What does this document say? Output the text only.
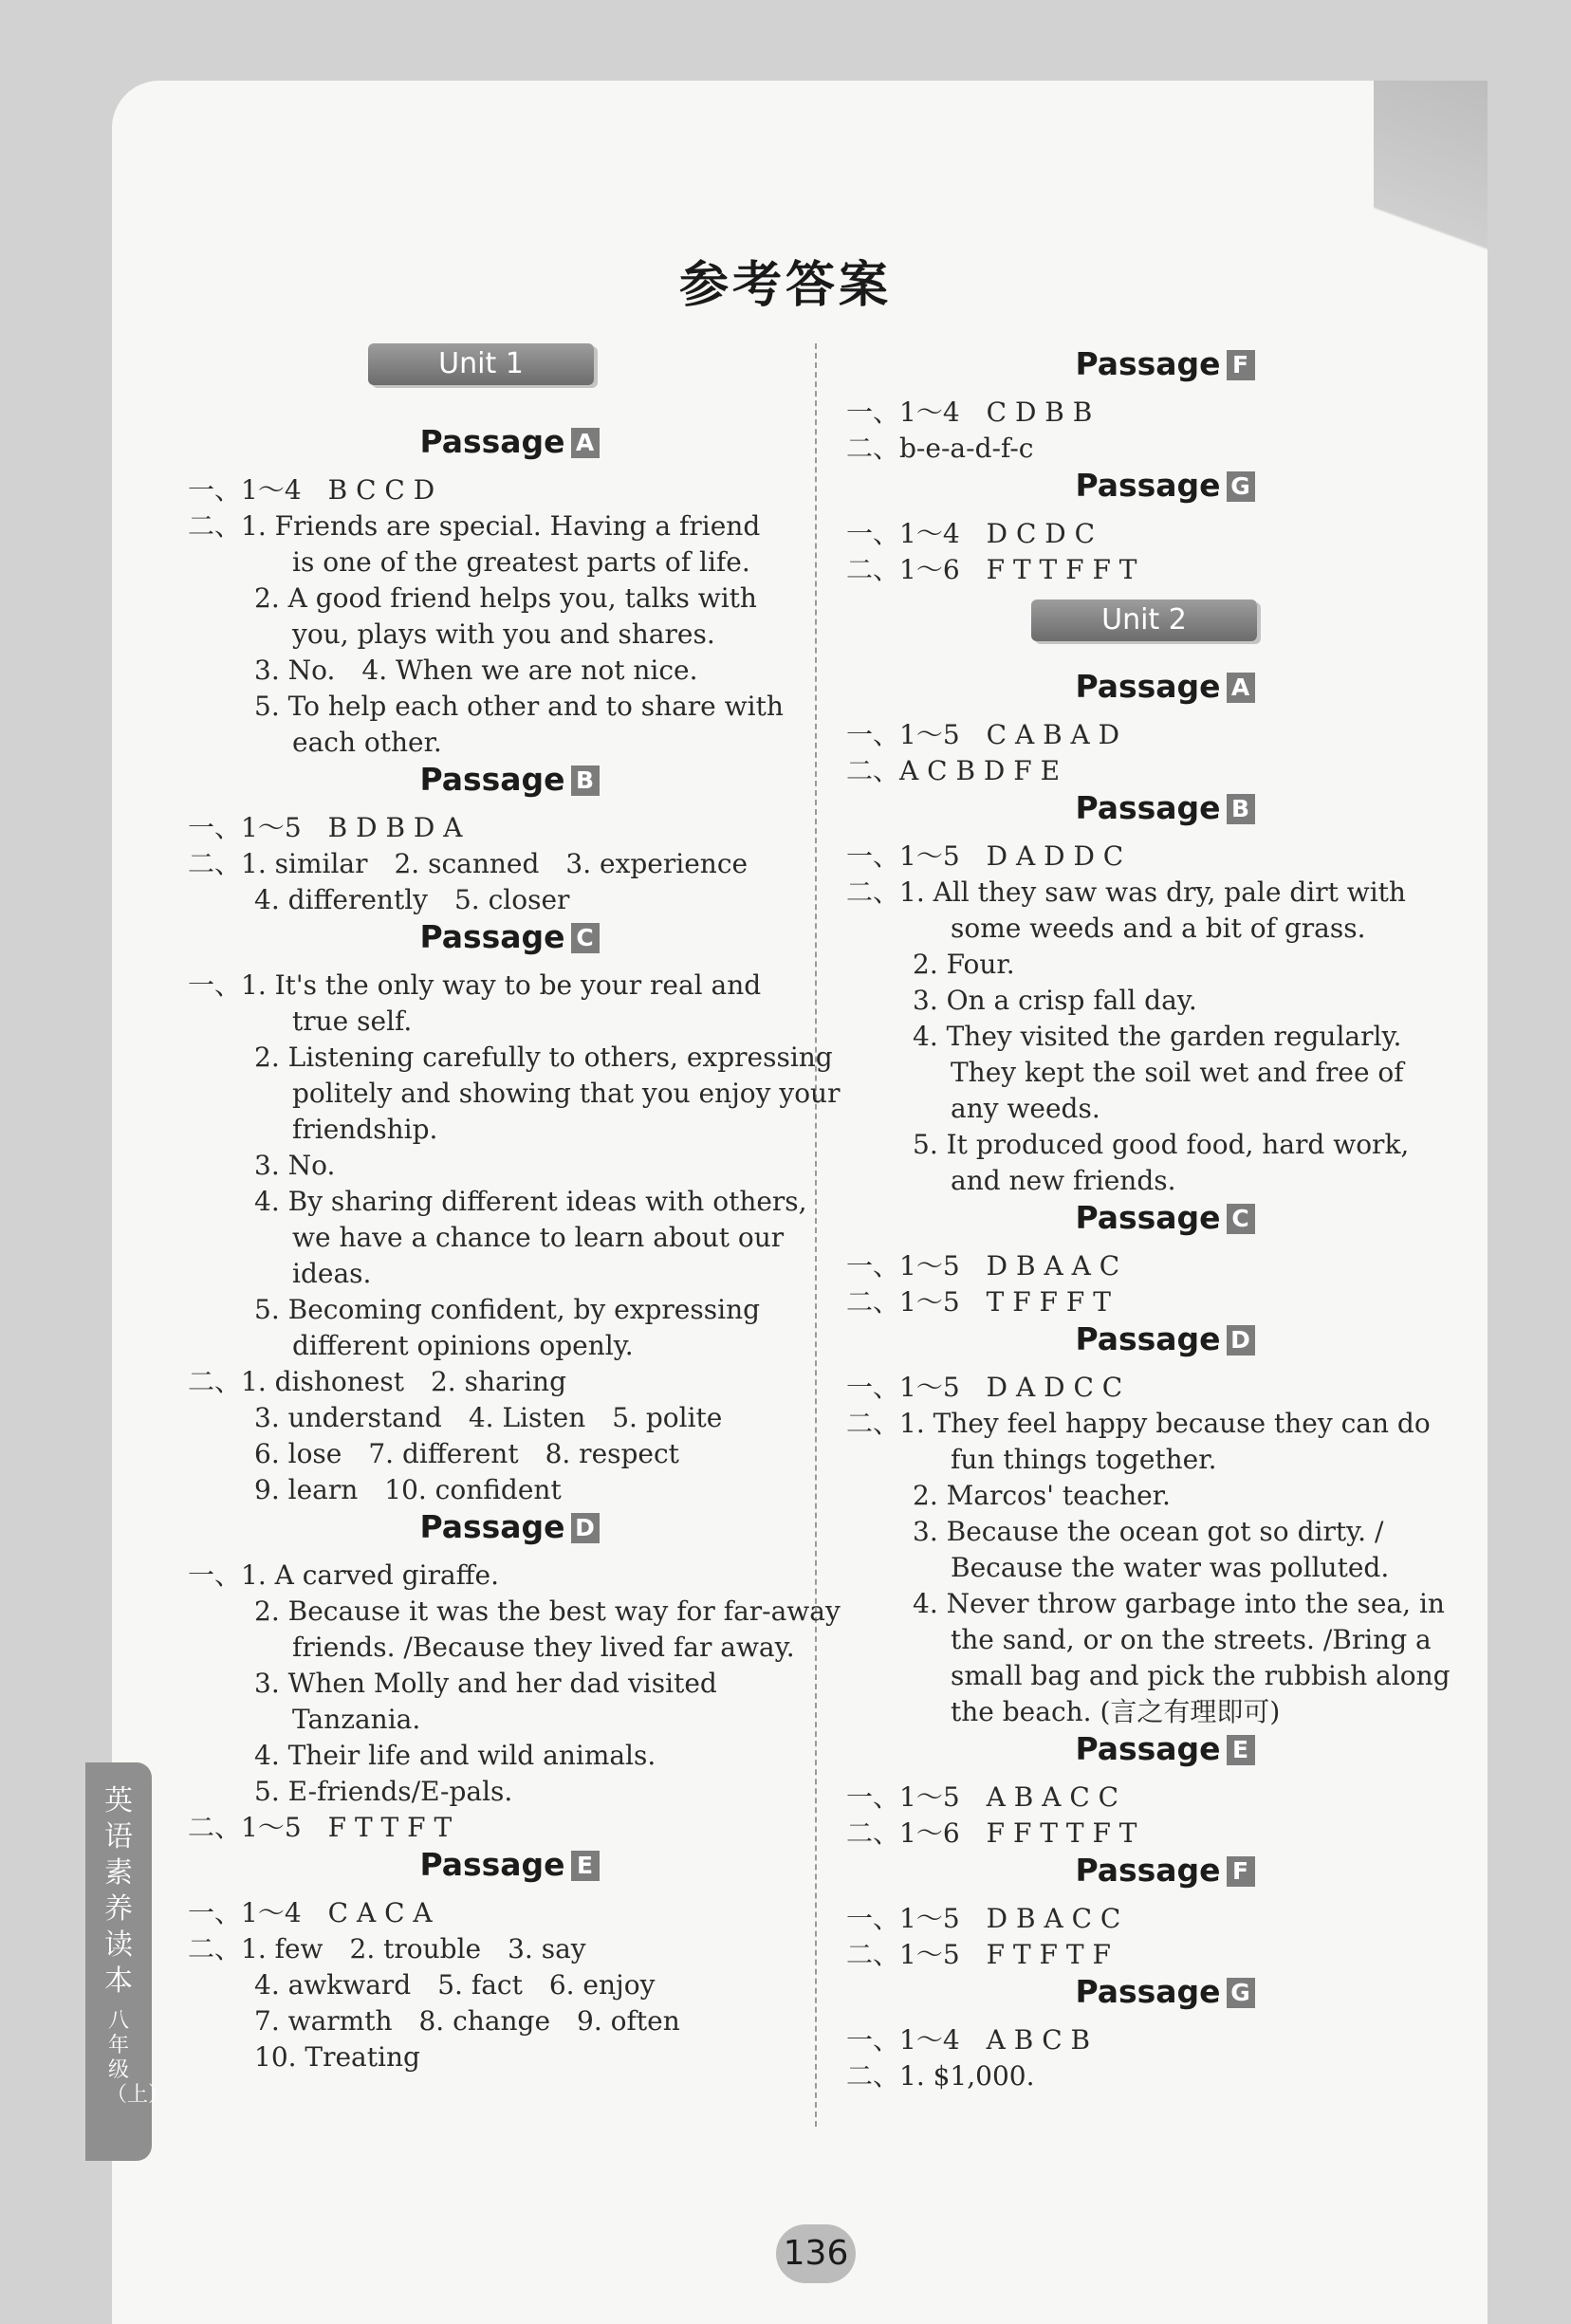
参考答案
Unit 1
Passage A
一、1～4　B C C D
二、1. Friends are special. Having a friend
is one of the greatest parts of life.
2. A good friend helps you, talks with
you, plays with you and shares.
3. No.　4. When we are not nice.
5. To help each other and to share with
each other.
Passage B
一、1～5　B D B D A
二、1. similar　2. scanned　3. experience
4. differently　5. closer
Passage C
一、1. It's the only way to be your real and
true self.
2. Listening carefully to others, expressing
politely and showing that you enjoy your
friendship.
3. No.
4. By sharing different ideas with others,
we have a chance to learn about our
ideas.
5. Becoming confident, by expressing
different opinions openly.
二、1. dishonest　2. sharing
3. understand　4. Listen　5. polite
6. lose　7. different　8. respect
9. learn　10. confident
Passage D
一、1. A carved giraffe.
2. Because it was the best way for far-away
friends. /Because they lived far away.
3. When Molly and her dad visited
Tanzania.
4. Their life and wild animals.
5. E-friends/E-pals.
二、1～5　F T T F T
Passage E
一、1～4　C A C A
二、1. few　2. trouble　3. say
4. awkward　5. fact　6. enjoy
7. warmth　8. change　9. often
10. Treating
Passage F
一、1～4　C D B B
二、b-e-a-d-f-c
Passage G
一、1～4　D C D C
二、1～6　F T T F F T
Unit 2
Passage A
一、1～5　C A B A D
二、A C B D F E
Passage B
一、1～5　D A D D C
二、1. All they saw was dry, pale dirt with
some weeds and a bit of grass.
2. Four.
3. On a crisp fall day.
4. They visited the garden regularly.
They kept the soil wet and free of
any weeds.
5. It produced good food, hard work,
and new friends.
Passage C
一、1～5　D B A A C
二、1～5　T F F F T
Passage D
一、1～5　D A D C C
二、1. They feel happy because they can do
fun things together.
2. Marcos' teacher.
3. Because the ocean got so dirty. /
Because the water was polluted.
4. Never throw garbage into the sea, in
the sand, or on the streets. /Bring a
small bag and pick the rubbish along
the beach. (言之有理即可)
Passage E
一、1～5　A B A C C
二、1～6　F F T T F T
Passage F
一、1～5　D B A C C
二、1～5　F T F T F
Passage G
一、1～4　A B C B
二、1. $1,000.
英语素养读本
八年级（上）
136
